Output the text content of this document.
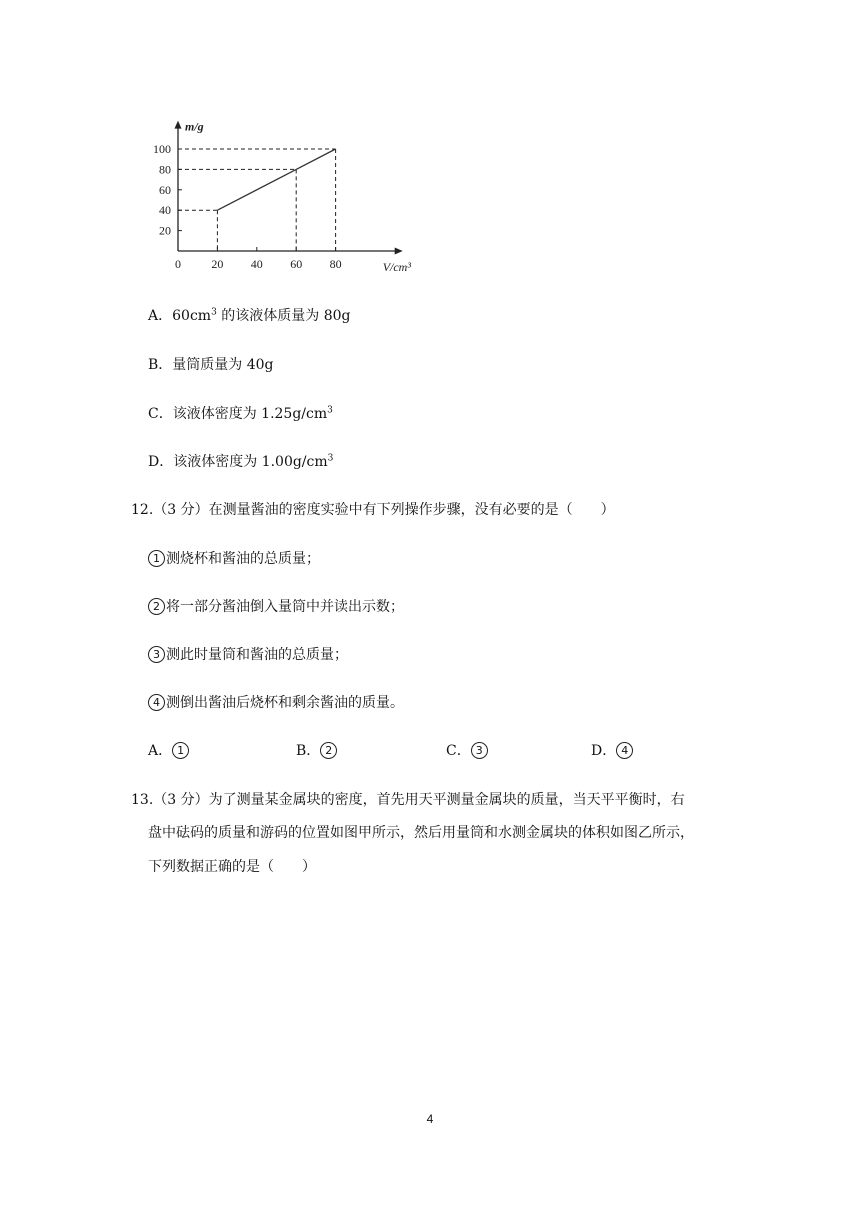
0	20 40 60 80
20
40
60
80
100
m/g
V/cm³
A．$60cm^3$ 的该液体质量为 80g
B．量筒质量为 40g
C．该液体密度为 $1.25g/cm^3$
D．该液体密度为 $1.00g/cm^3$
12.（3 分）在测量酱油的密度实验中有下列操作步骤，没有必要的是（　　）
1 测烧杯和酱油的总质量；
2 将一部分酱油倒入量筒中并读出示数；
3 测此时量筒和酱油的总质量；
4 测倒出酱油后烧杯和剩余酱油的质量。
A． 1	B． 2	C． 3	D． 4
13.（3 分）为了测量某金属块的密度，首先用天平测量金属块的质量，当天平平衡时，右
盘中砝码的质量和游码的位置如图甲所示，然后用量筒和水测金属块的体积如图乙所示，
下列数据正确的是（　　）
4
